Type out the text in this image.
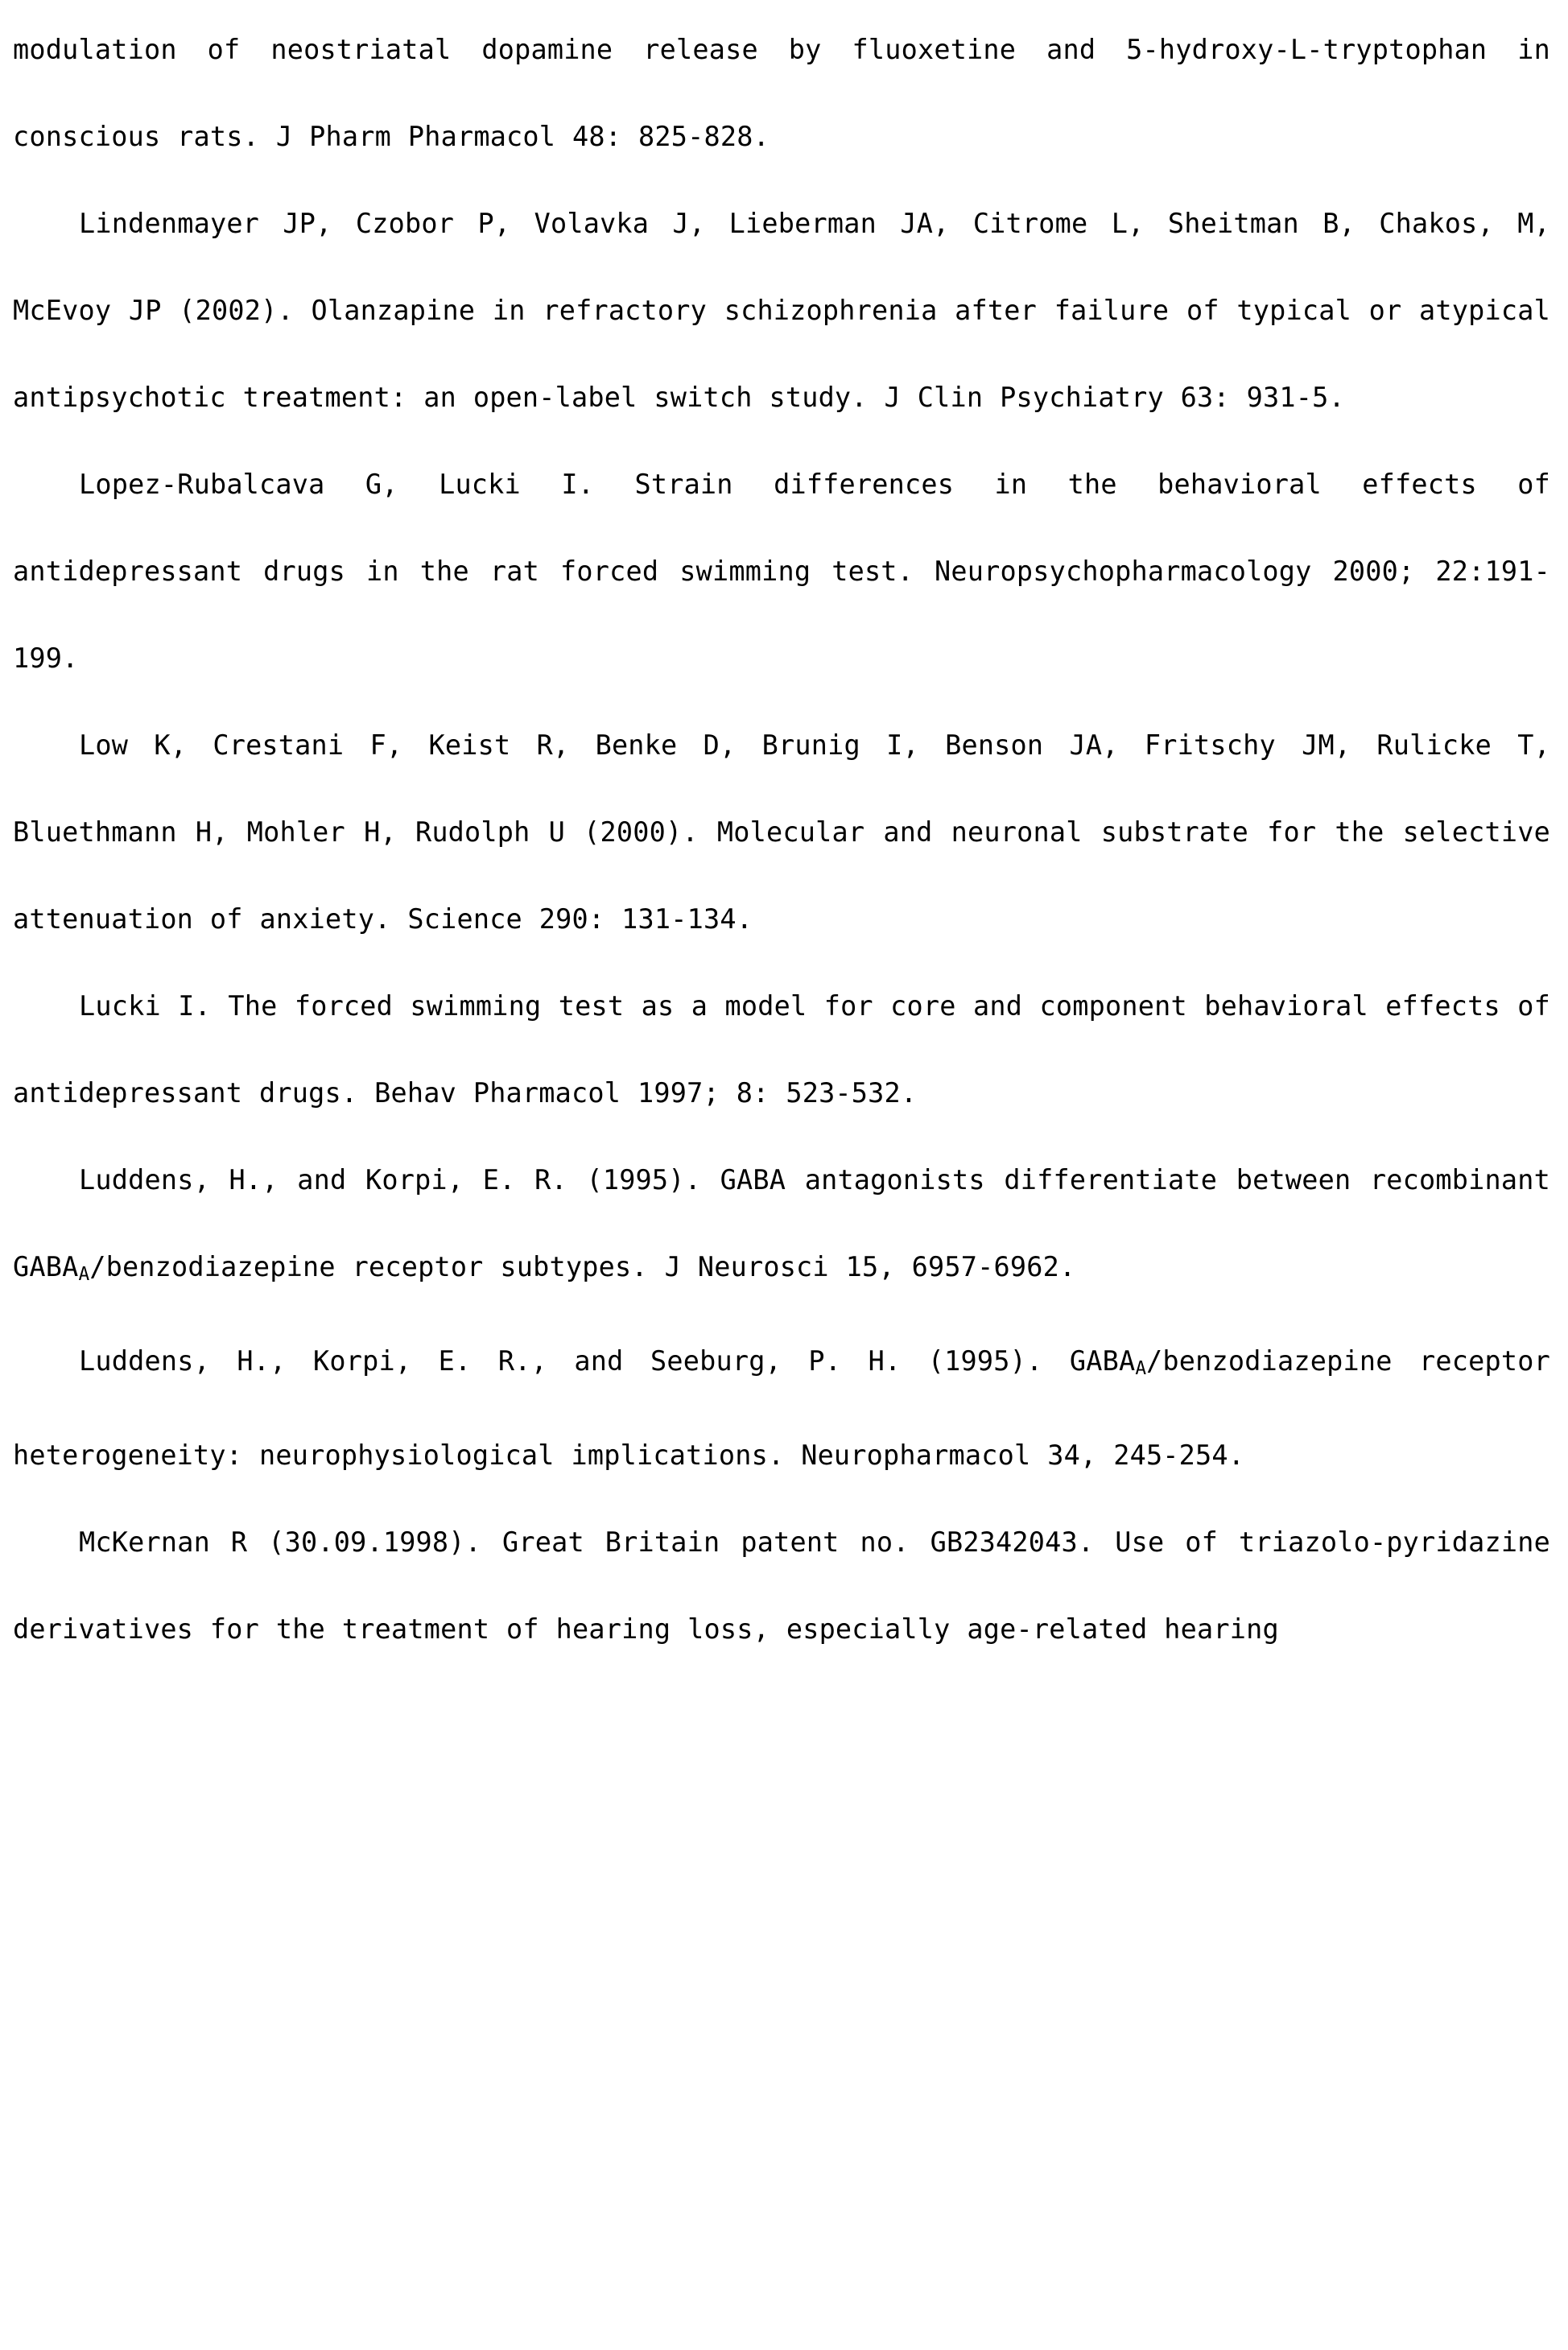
modulation of neostriatal dopamine release by fluoxetine and 5-hydroxy-L-tryptophan in conscious rats. J Pharm Pharmacol 48: 825-828.

Lindenmayer JP, Czobor P, Volavka J, Lieberman JA, Citrome L, Sheitman B, Chakos, M, McEvoy JP (2002). Olanzapine in refractory schizophrenia after failure of typical or atypical antipsychotic treatment: an open-label switch study. J Clin Psychiatry 63: 931-5.

Lopez-Rubalcava G, Lucki I. Strain differences in the behavioral effects of antidepressant drugs in the rat forced swimming test. Neuropsychopharmacology 2000; 22:191-199.

Low K, Crestani F, Keist R, Benke D, Brunig I, Benson JA, Fritschy JM, Rulicke T, Bluethmann H, Mohler H, Rudolph U (2000). Molecular and neuronal substrate for the selective attenuation of anxiety. Science 290: 131-134.

Lucki I. The forced swimming test as a model for core and component behavioral effects of antidepressant drugs. Behav Pharmacol 1997; 8: 523-532.

Luddens, H., and Korpi, E. R. (1995). GABA antagonists differentiate between recombinant $GABA_A$/benzodiazepine receptor subtypes. J Neurosci 15, 6957-6962.

Luddens, H., Korpi, E. R., and Seeburg, P. H. (1995). $GABA_A$/benzodiazepine receptor heterogeneity: neurophysiological implications. Neuropharmacol 34, 245-254.

McKernan R (30.09.1998). Great Britain patent no. GB2342043. Use of triazolo-pyridazine derivatives for the treatment of hearing loss, especially age-related hearing
